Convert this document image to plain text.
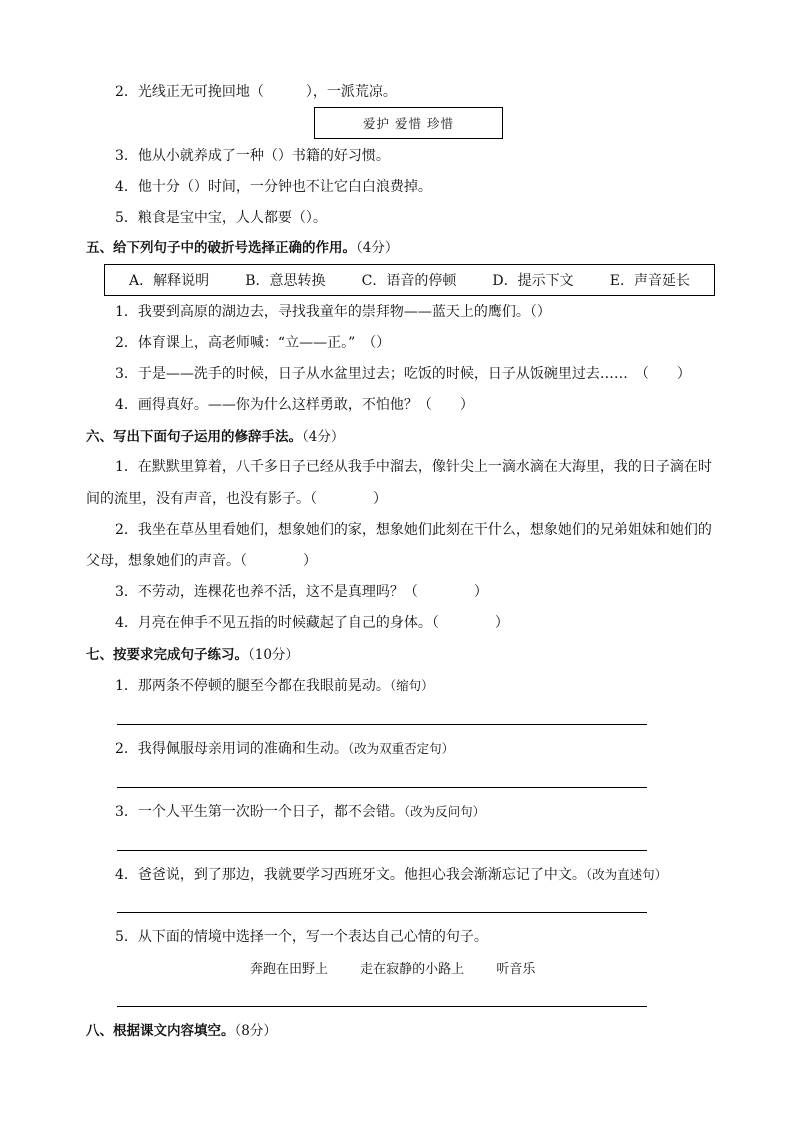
2．光线正无可挽回地（　　　），一派荒凉。
爱护 爱惜 珍惜
3．他从小就养成了一种（）书籍的好习惯。
4．他十分（）时间，一分钟也不让它白白浪费掉。
5．粮食是宝中宝，人人都要（）。
五、给下列句子中的破折号选择正确的作用。（4分）
A．解释说明	B．意思转换	C．语音的停顿	D．提示下文	E．声音延长
1．我要到高原的湖边去，寻找我童年的崇拜物——蓝天上的鹰们。（）
2．体育课上，高老师喊：“立——正。”　（）
3．于是——洗手的时候，日子从水盆里过去；吃饭的时候，日子从饭碗里过去……　（　　）
4．画得真好。——你为什么这样勇敢，不怕他？（　　）
六、写出下面句子运用的修辞手法。（4分）
1．在默默里算着，八千多日子已经从我手中溜去，像针尖上一滴水滴在大海里，我的日子滴在时
间的流里，没有声音，也没有影子。（　　　　）
2．我坐在草丛里看她们，想象她们的家，想象她们此刻在干什么，想象她们的兄弟姐妹和她们的
父母，想象她们的声音。（　　　　）
3．不劳动，连棵花也养不活，这不是真理吗？（　　　　）
4．月亮在伸手不见五指的时候藏起了自己的身体。（　　　　）
七、按要求完成句子练习。（10分）
1．那两条不停顿的腿至今都在我眼前晃动。（缩句）
2．我得佩服母亲用词的准确和生动。（改为双重否定句）
3．一个人平生第一次盼一个日子，都不会错。（改为反问句）
4．爸爸说，到了那边，我就要学习西班牙文。他担心我会渐渐忘记了中文。（改为直述句）
5．从下面的情境中选择一个，写一个表达自己心情的句子。
奔跑在田野上 走在寂静的小路上 听音乐
八、根据课文内容填空。（8分）
